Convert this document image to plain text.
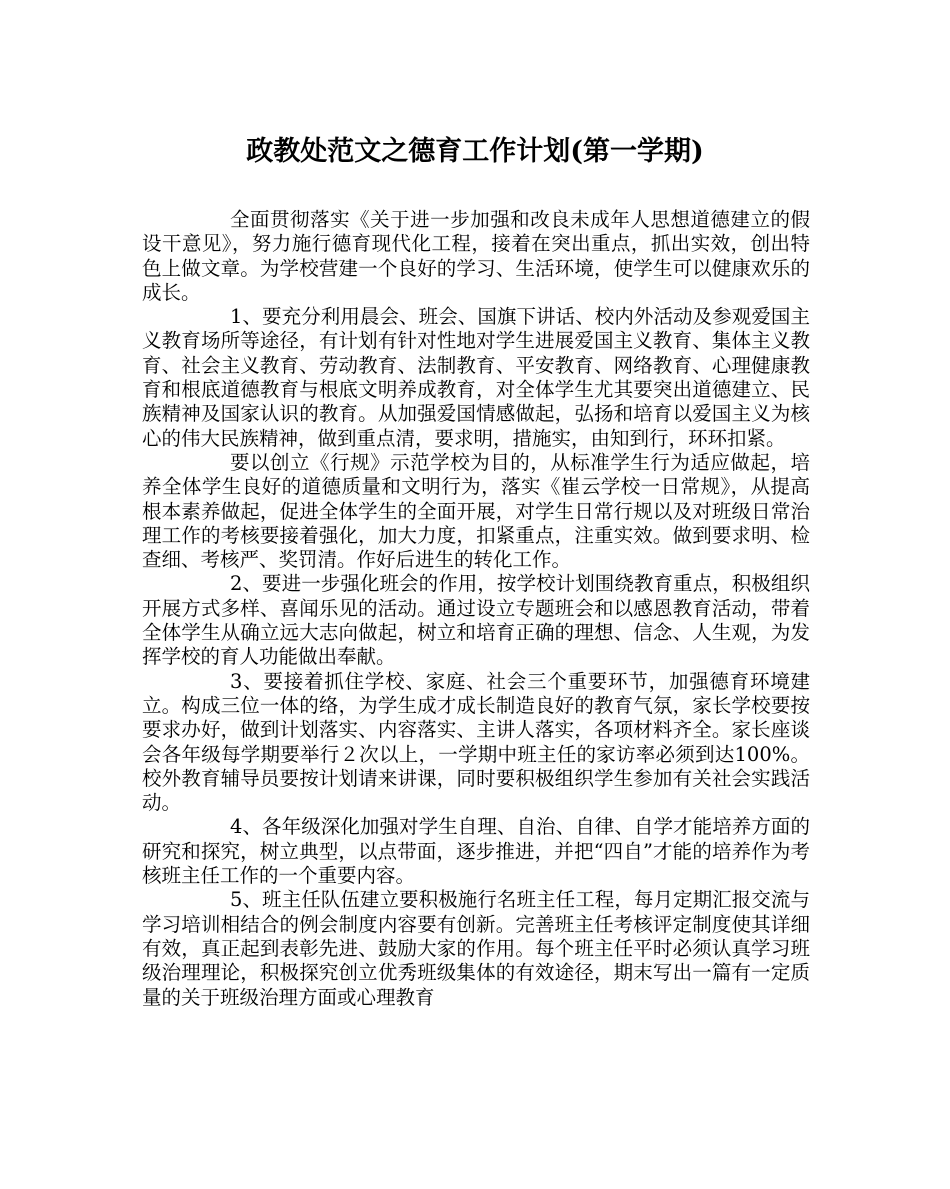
政教处范文之德育工作计划(第一学期)

全面贯彻落实《关于进一步加强和改良未成年人思想道德建立的假设干意见》，努力施行德育现代化工程，接着在突出重点，抓出实效，创出特色上做文章。为学校营建一个良好的学习、生活环境，使学生可以健康欢乐的成长。

1、要充分利用晨会、班会、国旗下讲话、校内外活动及参观爱国主义教育场所等途径，有计划有针对性地对学生进展爱国主义教育、集体主义教育、社会主义教育、劳动教育、法制教育、平安教育、网络教育、心理健康教育和根底道德教育与根底文明养成教育，对全体学生尤其要突出道德建立、民族精神及国家认识的教育。从加强爱国情感做起，弘扬和培育以爱国主义为核心的伟大民族精神，做到重点清，要求明，措施实，由知到行，环环扣紧。

要以创立《行规》示范学校为目的，从标准学生行为适应做起，培养全体学生良好的道德质量和文明行为，落实《崔云学校一日常规》，从提高根本素养做起，促进全体学生的全面开展，对学生日常行规以及对班级日常治理工作的考核要接着强化，加大力度，扣紧重点，注重实效。做到要求明、检查细、考核严、奖罚清。作好后进生的转化工作。

2、要进一步强化班会的作用，按学校计划围绕教育重点，积极组织开展方式多样、喜闻乐见的活动。通过设立专题班会和以感恩教育活动，带着全体学生从确立远大志向做起，树立和培育正确的理想、信念、人生观，为发挥学校的育人功能做出奉献。

3、要接着抓住学校、家庭、社会三个重要环节，加强德育环境建立。构成三位一体的络，为学生成才成长制造良好的教育气氛，家长学校要按要求办好，做到计划落实、内容落实、主讲人落实，各项材料齐全。家长座谈会各年级每学期要举行２次以上，一学期中班主任的家访率必须到达100%。校外教育辅导员要按计划请来讲课，同时要积极组织学生参加有关社会实践活动。

4、各年级深化加强对学生自理、自治、自律、自学才能培养方面的研究和探究，树立典型，以点带面，逐步推进，并把“四自”才能的培养作为考核班主任工作的一个重要内容。

5、班主任队伍建立要积极施行名班主任工程，每月定期汇报交流与学习培训相结合的例会制度内容要有创新。完善班主任考核评定制度使其详细有效，真正起到表彰先进、鼓励大家的作用。每个班主任平时必须认真学习班级治理理论，积极探究创立优秀班级集体的有效途径，期末写出一篇有一定质量的关于班级治理方面或心理教育
